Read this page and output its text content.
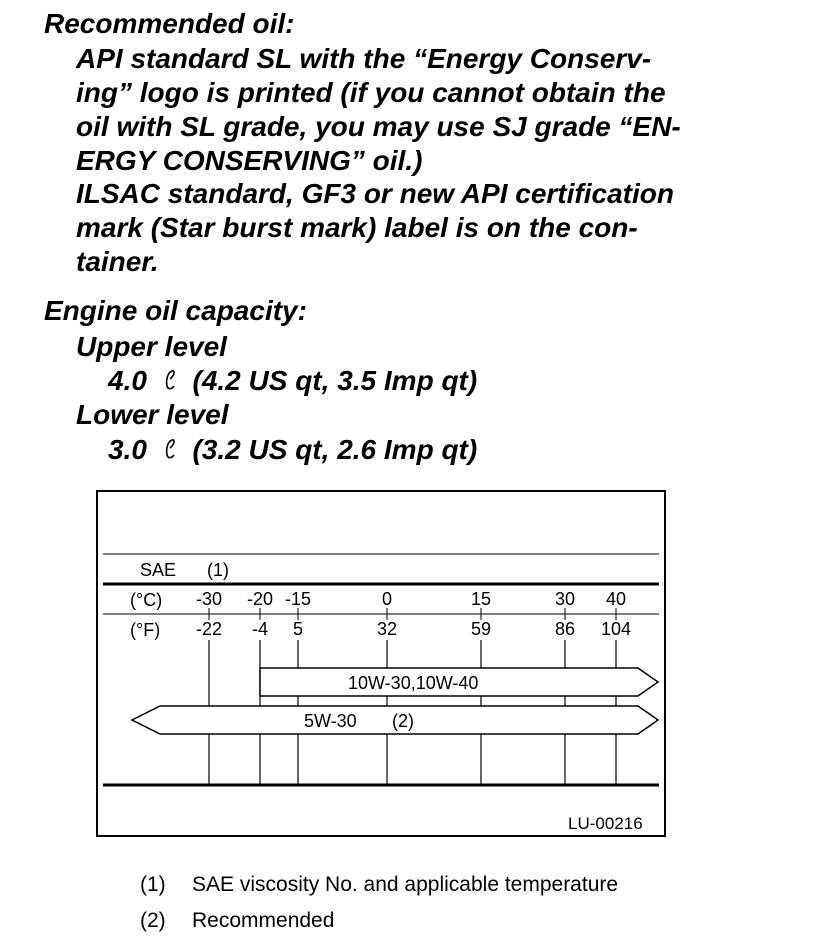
Recommended oil:
API standard SL with the “Energy Conserv-
ing” logo is printed (if you cannot obtain the
oil with SL grade, you may use SJ grade “EN-
ERGY CONSERVING” oil.)
ILSAC standard, GF3 or new API certification
mark (Star burst mark) label is on the con-
tainer.
Engine oil capacity:
Upper level
4.0 (4.2 US qt, 3.5 Imp qt)
Lower level
3.0 (3.2 US qt, 2.6 Imp qt)
SAE (1)
(°C)
(°F)
-30
-22
-20
-4
-15
5
0
32
15
59
30
86
40
104
10W-30,10W-40
5W-30 (2)
LU-00216
(1) SAE viscosity No. and applicable temperature
(2) Recommended
